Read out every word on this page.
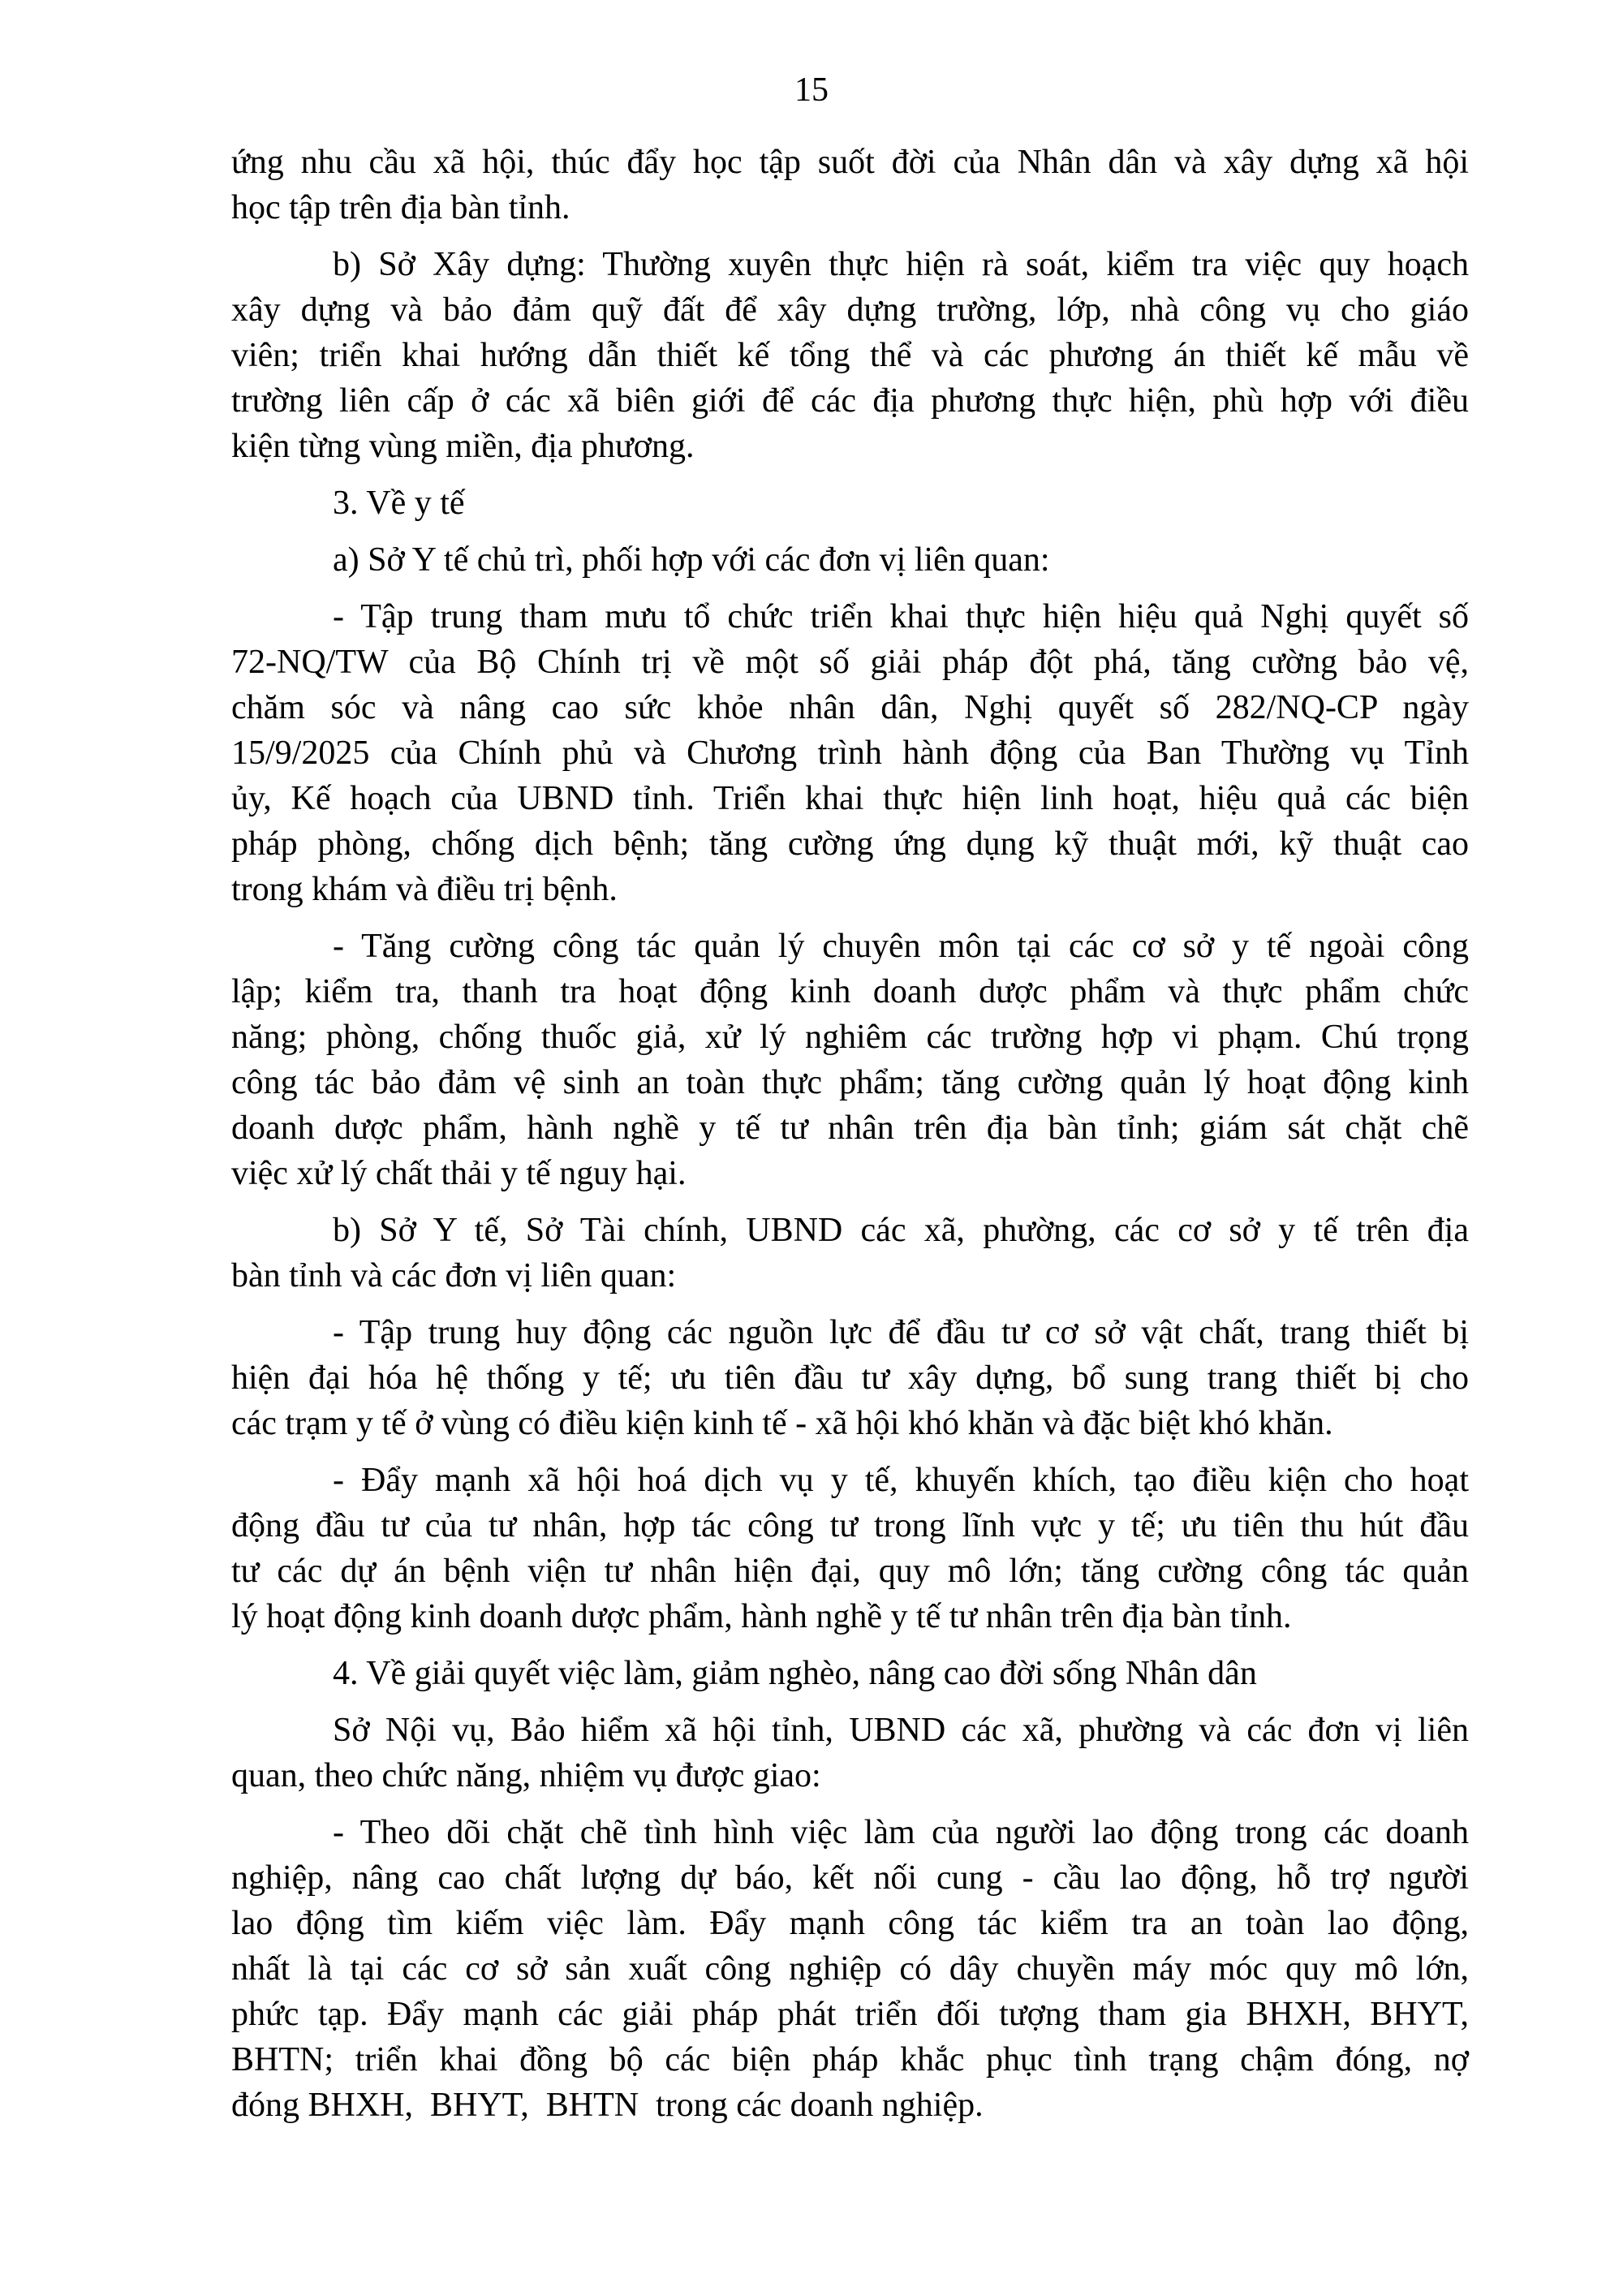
15
ứng nhu cầu xã hội, thúc đẩy học tập suốt đời của Nhân dân và xây dựng xã hội
học tập trên địa bàn tỉnh.
b) Sở Xây dựng: Thường xuyên thực hiện rà soát, kiểm tra việc quy hoạch
xây dựng và bảo đảm quỹ đất để xây dựng trường, lớp, nhà công vụ cho giáo
viên; triển khai hướng dẫn thiết kế tổng thể và các phương án thiết kế mẫu về
trường liên cấp ở các xã biên giới để các địa phương thực hiện, phù hợp với điều
kiện từng vùng miền, địa phương.
3. Về y tế
a) Sở Y tế chủ trì, phối hợp với các đơn vị liên quan:
- Tập trung tham mưu tổ chức triển khai thực hiện hiệu quả Nghị quyết số
72-NQ/TW của Bộ Chính trị về một số giải pháp đột phá, tăng cường bảo vệ,
chăm sóc và nâng cao sức khỏe nhân dân, Nghị quyết số 282/NQ-CP ngày
15/9/2025 của Chính phủ và Chương trình hành động của Ban Thường vụ Tỉnh
ủy, Kế hoạch của UBND tỉnh. Triển khai thực hiện linh hoạt, hiệu quả các biện
pháp phòng, chống dịch bệnh; tăng cường ứng dụng kỹ thuật mới, kỹ thuật cao
trong khám và điều trị bệnh.
- Tăng cường công tác quản lý chuyên môn tại các cơ sở y tế ngoài công
lập; kiểm tra, thanh tra hoạt động kinh doanh dược phẩm và thực phẩm chức
năng; phòng, chống thuốc giả, xử lý nghiêm các trường hợp vi phạm. Chú trọng
công tác bảo đảm vệ sinh an toàn thực phẩm; tăng cường quản lý hoạt động kinh
doanh dược phẩm, hành nghề y tế tư nhân trên địa bàn tỉnh; giám sát chặt chẽ
việc xử lý chất thải y tế nguy hại.
b) Sở Y tế, Sở Tài chính, UBND các xã, phường, các cơ sở y tế trên địa
bàn tỉnh và các đơn vị liên quan:
- Tập trung huy động các nguồn lực để đầu tư cơ sở vật chất, trang thiết bị
hiện đại hóa hệ thống y tế; ưu tiên đầu tư xây dựng, bổ sung trang thiết bị cho
các trạm y tế ở vùng có điều kiện kinh tế - xã hội khó khăn và đặc biệt khó khăn.
- Đẩy mạnh xã hội hoá dịch vụ y tế, khuyến khích, tạo điều kiện cho hoạt
động đầu tư của tư nhân, hợp tác công tư trong lĩnh vực y tế; ưu tiên thu hút đầu
tư các dự án bệnh viện tư nhân hiện đại, quy mô lớn; tăng cường công tác quản
lý hoạt động kinh doanh dược phẩm, hành nghề y tế tư nhân trên địa bàn tỉnh.
4. Về giải quyết việc làm, giảm nghèo, nâng cao đời sống Nhân dân
Sở Nội vụ, Bảo hiểm xã hội tỉnh, UBND các xã, phường và các đơn vị liên
quan, theo chức năng, nhiệm vụ được giao:
- Theo dõi chặt chẽ tình hình việc làm của người lao động trong các doanh
nghiệp, nâng cao chất lượng dự báo, kết nối cung - cầu lao động, hỗ trợ người
lao động tìm kiếm việc làm. Đẩy mạnh công tác kiểm tra an toàn lao động,
nhất là tại các cơ sở sản xuất công nghiệp có dây chuyền máy móc quy mô lớn,
phức tạp. Đẩy mạnh các giải pháp phát triển đối tượng tham gia BHXH, BHYT,
BHTN; triển khai đồng bộ các biện pháp khắc phục tình trạng chậm đóng, nợ
đóng BHXH,  BHYT,  BHTN  trong các doanh nghiệp.
